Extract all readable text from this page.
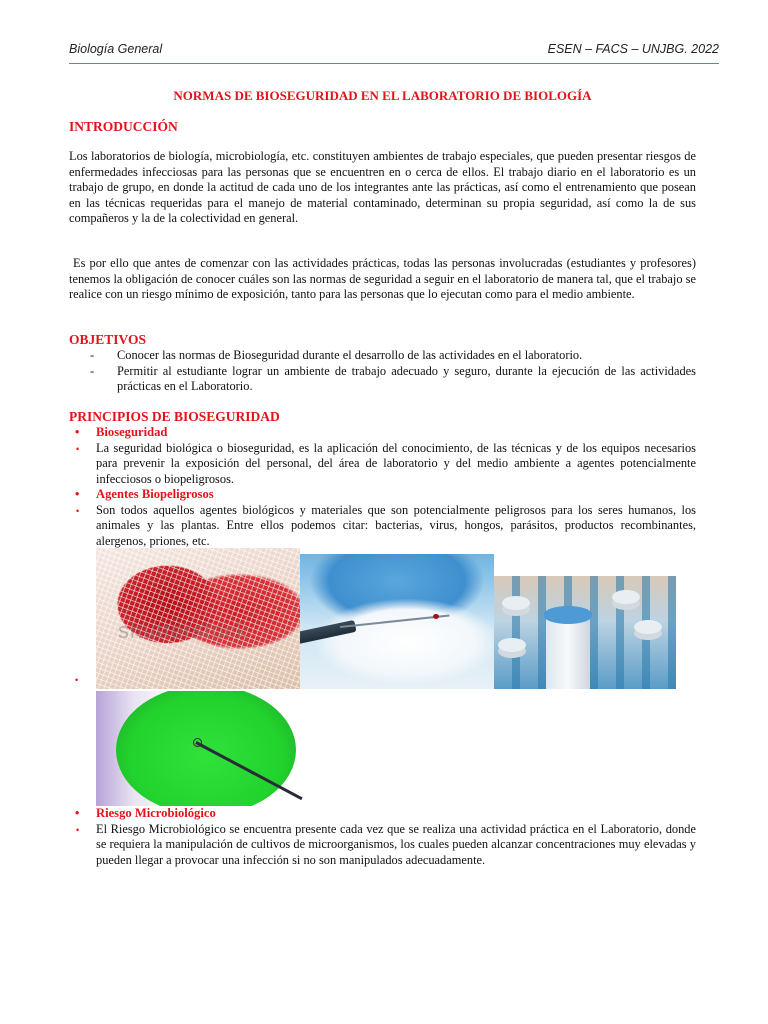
Biología General	ESEN – FACS – UNJBG. 2022
NORMAS DE BIOSEGURIDAD EN EL LABORATORIO DE BIOLOGÍA
INTRODUCCIÓN
Los laboratorios de biología, microbiología, etc. constituyen ambientes de trabajo especiales, que pueden presentar riesgos de enfermedades infecciosas para las personas que se encuentren en o cerca de ellos. El trabajo diario en el laboratorio es un trabajo de grupo, en donde la actitud de cada uno de los integrantes ante las prácticas, así como el entrenamiento que posean en las técnicas requeridas para el manejo de material contaminado, determinan su propia seguridad, así como la de sus compañeros y la de la colectividad en general.
Es por ello que antes de comenzar con las actividades prácticas, todas las personas involucradas (estudiantes y profesores) tenemos la obligación de conocer cuáles son las normas de seguridad a seguir en el laboratorio de manera tal, que el trabajo se realice con un riesgo mínimo de exposición, tanto para las personas que lo ejecutan como para el medio ambiente.
OBJETIVOS
- Conocer las normas de Bioseguridad durante el desarrollo de las actividades en el laboratorio.
- Permitir al estudiante lograr un ambiente de trabajo adecuado y seguro, durante la ejecución de las actividades prácticas en el Laboratorio.
PRINCIPIOS DE BIOSEGURIDAD
• Bioseguridad
• La seguridad biológica o bioseguridad, es la aplicación del conocimiento, de las técnicas y de los equipos necesarios para prevenir la exposición del personal, del área de laboratorio y del medio ambiente a agentes potencialmente infecciosos o biopeligrosos.
• Agentes Biopeligrosos
• Son todos aquellos agentes biológicos y materiales que son potencialmente peligrosos para los seres humanos, los animales y las plantas. Entre ellos podemos citar: bacterias, virus, hongos, parásitos, productos recombinantes, alergenos, priones, etc.
shutterstock
•
• Riesgo Microbiológico
• El Riesgo Microbiológico se encuentra presente cada vez que se realiza una actividad práctica en el Laboratorio, donde se requiera la manipulación de cultivos de microorganismos, los cuales pueden alcanzar concentraciones muy elevadas y pueden llegar a provocar una infección si no son manipulados adecuadamente.
